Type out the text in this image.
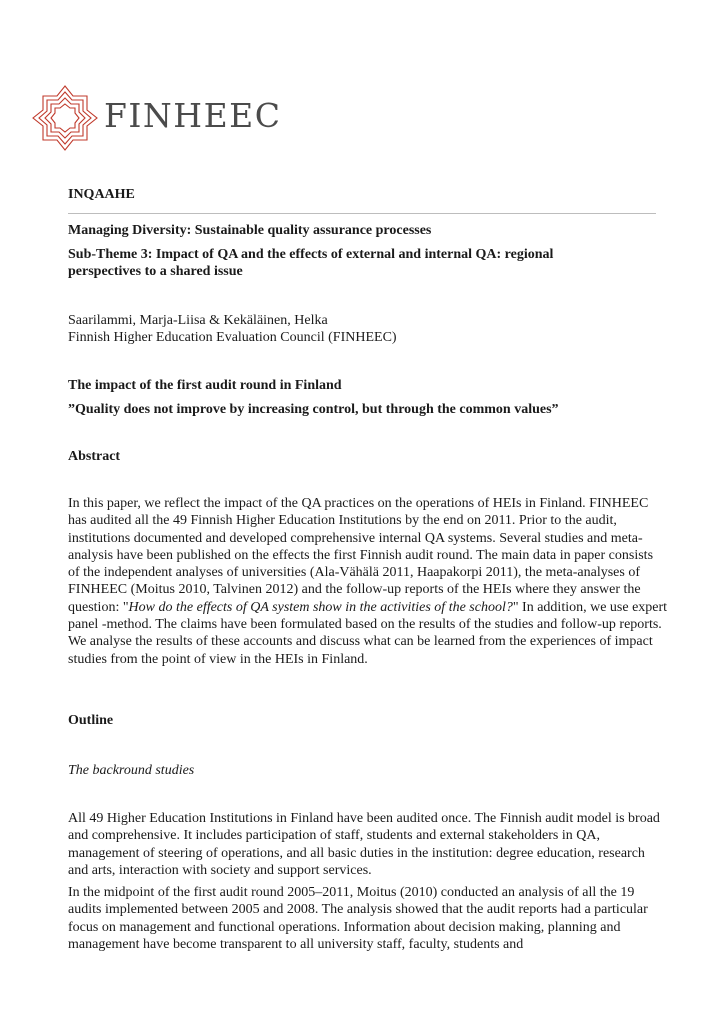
FINHEEC
INQAAHE
Managing Diversity: Sustainable quality assurance processes
Sub-Theme 3: Impact of QA and the effects of external and internal QA: regional
perspectives to a shared issue
Saarilammi, Marja-Liisa & Kekäläinen, Helka
Finnish Higher Education Evaluation Council (FINHEEC)
The impact of the first audit round in Finland
”Quality does not improve by increasing control, but through the common values”
Abstract
In this paper, we reflect the impact of the QA practices on the operations of HEIs in Finland. FINHEEC has audited all the 49 Finnish Higher Education Institutions by the end on 2011. Prior to the audit, institutions documented and developed comprehensive internal QA systems. Several studies and meta-analysis have been published on the effects the first Finnish audit round. The main data in paper consists of the independent analyses of universities (Ala-Vähälä 2011, Haapakorpi 2011), the meta-analyses of FINHEEC (Moitus 2010, Talvinen 2012) and the follow-up reports of the HEIs where they answer the question: "How do the effects of QA system show in the activities of the school?" In addition, we use expert panel -method. The claims have been formulated based on the results of the studies and follow-up reports. We analyse the results of these accounts and discuss what can be learned from the experiences of impact studies from the point of view in the HEIs in Finland.
Outline
The backround studies
All 49 Higher Education Institutions in Finland have been audited once. The Finnish audit model is broad and comprehensive. It includes participation of staff, students and external stakeholders in QA, management of steering of operations, and all basic duties in the institution: degree education, research and arts, interaction with society and support services.
In the midpoint of the first audit round 2005–2011, Moitus (2010) conducted an analysis of all the 19 audits implemented between 2005 and 2008. The analysis showed that the audit reports had a particular focus on management and functional operations. Information about decision making, planning and management have become transparent to all university staff, faculty, students and
